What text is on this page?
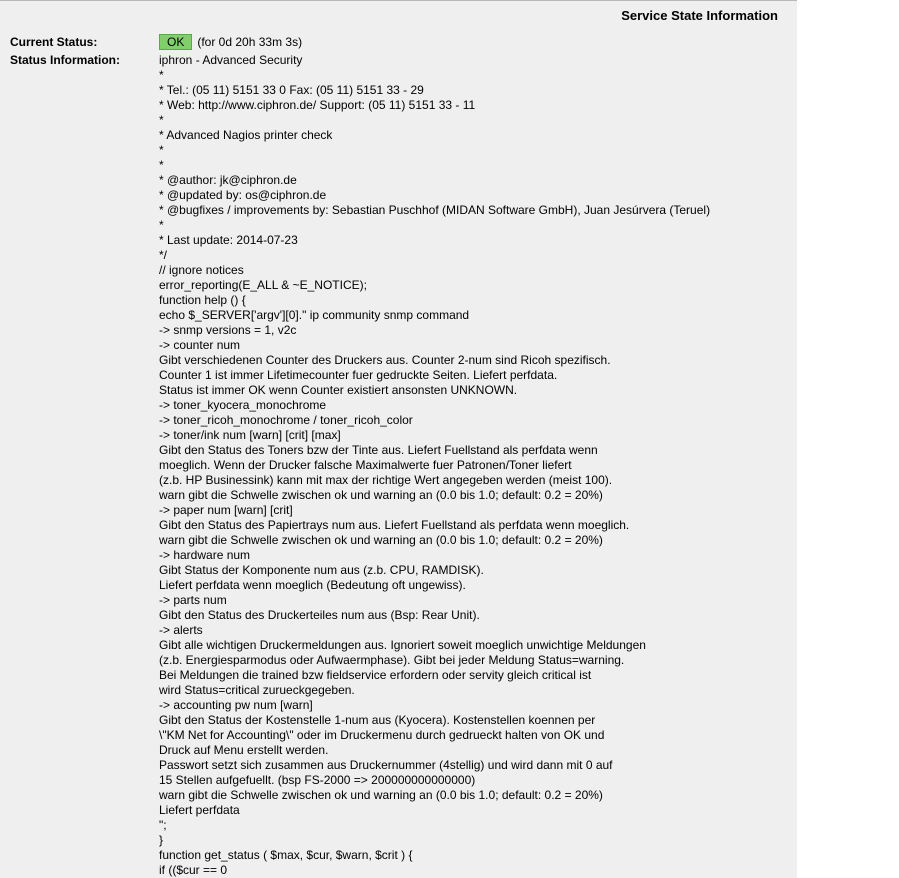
Service State Information
Current Status:	OK	(for 0d 20h 33m 3s)
Status Information:	iphron - Advanced Security
*
* Tel.: (05 11) 5151 33 0 Fax: (05 11) 5151 33 - 29
* Web: http://www.ciphron.de/ Support: (05 11) 5151 33 - 11
*
* Advanced Nagios printer check
*
*
* @author: jk@ciphron.de
* @updated by: os@ciphron.de
* @bugfixes / improvements by: Sebastian Puschhof (MIDAN Software GmbH), Juan Jesúrvera (Teruel)
*
* Last update: 2014-07-23
*/
// ignore notices
error_reporting(E_ALL & ~E_NOTICE);
function help () {
echo $_SERVER['argv'][0]." ip community snmp command
-> snmp versions = 1, v2c
-> counter num
Gibt verschiedenen Counter des Druckers aus. Counter 2-num sind Ricoh spezifisch.
Counter 1 ist immer Lifetimecounter fuer gedruckte Seiten. Liefert perfdata.
Status ist immer OK wenn Counter existiert ansonsten UNKNOWN.
-> toner_kyocera_monochrome
-> toner_ricoh_monochrome / toner_ricoh_color
-> toner/ink num [warn] [crit] [max]
Gibt den Status des Toners bzw der Tinte aus. Liefert Fuellstand als perfdata wenn
moeglich. Wenn der Drucker falsche Maximalwerte fuer Patronen/Toner liefert
(z.b. HP Businessink) kann mit max der richtige Wert angegeben werden (meist 100).
warn gibt die Schwelle zwischen ok und warning an (0.0 bis 1.0; default: 0.2 = 20%)
-> paper num [warn] [crit]
Gibt den Status des Papiertrays num aus. Liefert Fuellstand als perfdata wenn moeglich.
warn gibt die Schwelle zwischen ok und warning an (0.0 bis 1.0; default: 0.2 = 20%)
-> hardware num
Gibt Status der Komponente num aus (z.b. CPU, RAMDISK).
Liefert perfdata wenn moeglich (Bedeutung oft ungewiss).
-> parts num
Gibt den Status des Druckerteiles num aus (Bsp: Rear Unit).
-> alerts
Gibt alle wichtigen Druckermeldungen aus. Ignoriert soweit moeglich unwichtige Meldungen
(z.b. Energiesparmodus oder Aufwaermphase). Gibt bei jeder Meldung Status=warning.
Bei Meldungen die trained bzw fieldservice erfordern oder servity gleich critical ist
wird Status=critical zurueckgegeben.
-> accounting pw num [warn]
Gibt den Status der Kostenstelle 1-num aus (Kyocera). Kostenstellen koennen per
\"KM Net for Accounting\" oder im Druckermenu durch gedrueckt halten von OK und
Druck auf Menu erstellt werden.
Passwort setzt sich zusammen aus Druckernummer (4stellig) und wird dann mit 0 auf
15 Stellen aufgefuellt. (bsp FS-2000 => 200000000000000)
warn gibt die Schwelle zwischen ok und warning an (0.0 bis 1.0; default: 0.2 = 20%)
Liefert perfdata
";
}
function get_status ( $max, $cur, $warn, $crit ) {
if (($cur == 0
